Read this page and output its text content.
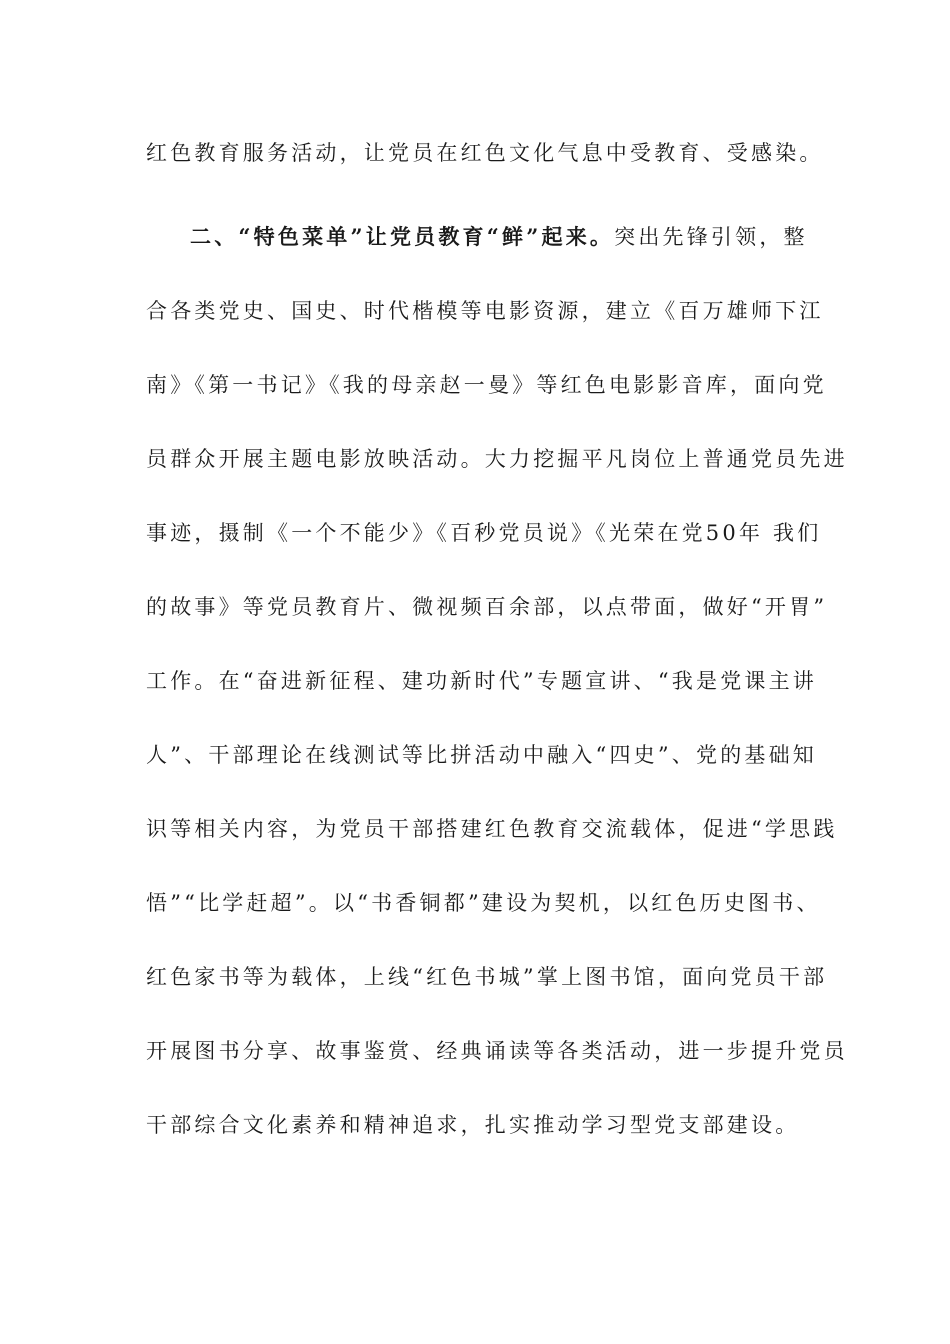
红色教育服务活动，让党员在红色文化气息中受教育、受感染。
二、“特色菜单”让党员教育“鲜”起来。突出先锋引领，整
合各类党史、国史、时代楷模等电影资源，建立《百万雄师下江
南》《第一书记》《我的母亲赵一曼》等红色电影影音库，面向党
员群众开展主题电影放映活动。大力挖掘平凡岗位上普通党员先进
事迹，摄制《一个不能少》《百秒党员说》《光荣在党50年 我们
的故事》等党员教育片、微视频百余部，以点带面，做好“开胃”
工作。在“奋进新征程、建功新时代”专题宣讲、“我是党课主讲
人”、干部理论在线测试等比拼活动中融入“四史”、党的基础知
识等相关内容，为党员干部搭建红色教育交流载体，促进“学思践
悟”“比学赶超”。以“书香铜都”建设为契机，以红色历史图书、
红色家书等为载体，上线“红色书城”掌上图书馆，面向党员干部
开展图书分享、故事鉴赏、经典诵读等各类活动，进一步提升党员
干部综合文化素养和精神追求，扎实推动学习型党支部建设。
